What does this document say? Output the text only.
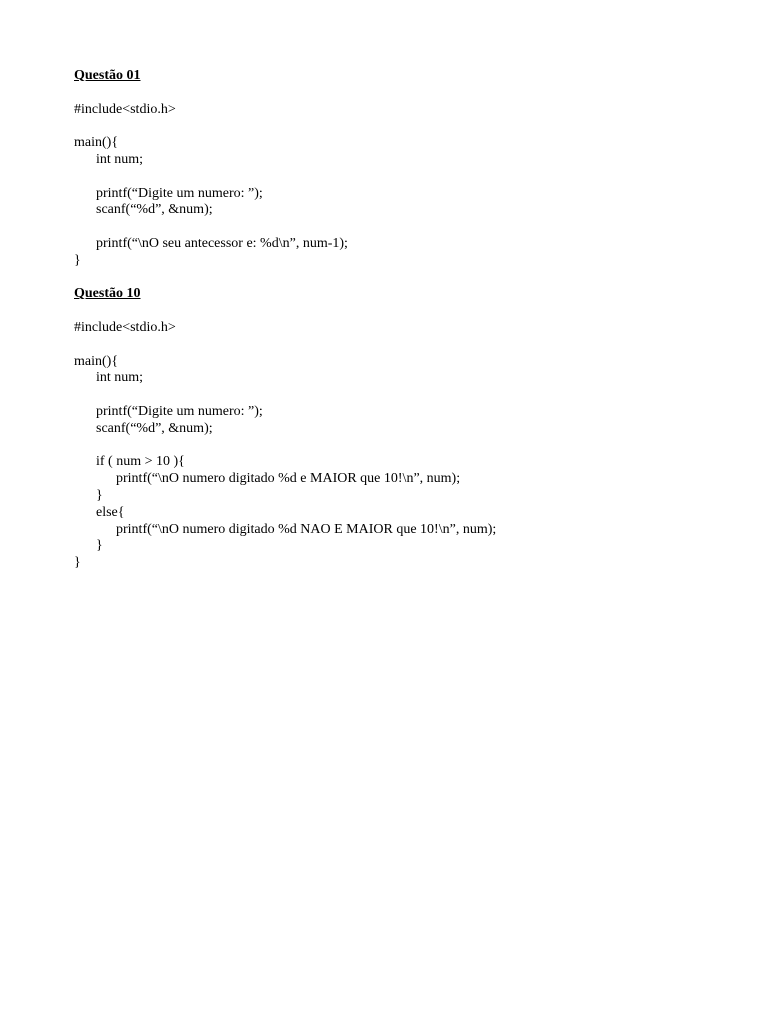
Questão 01
#include<stdio.h>
main(){
int num;
printf(“Digite um numero: ”);
scanf(“%d”, &num);
printf(“\nO seu antecessor e: %d\n”, num-1);
}
Questão 10
#include<stdio.h>
main(){
int num;
printf(“Digite um numero: ”);
scanf(“%d”, &num);
if ( num > 10 ){
printf(“\nO numero digitado %d e MAIOR que 10!\n”, num);
}
else{
printf(“\nO numero digitado %d NAO E MAIOR que 10!\n”, num);
}
}
